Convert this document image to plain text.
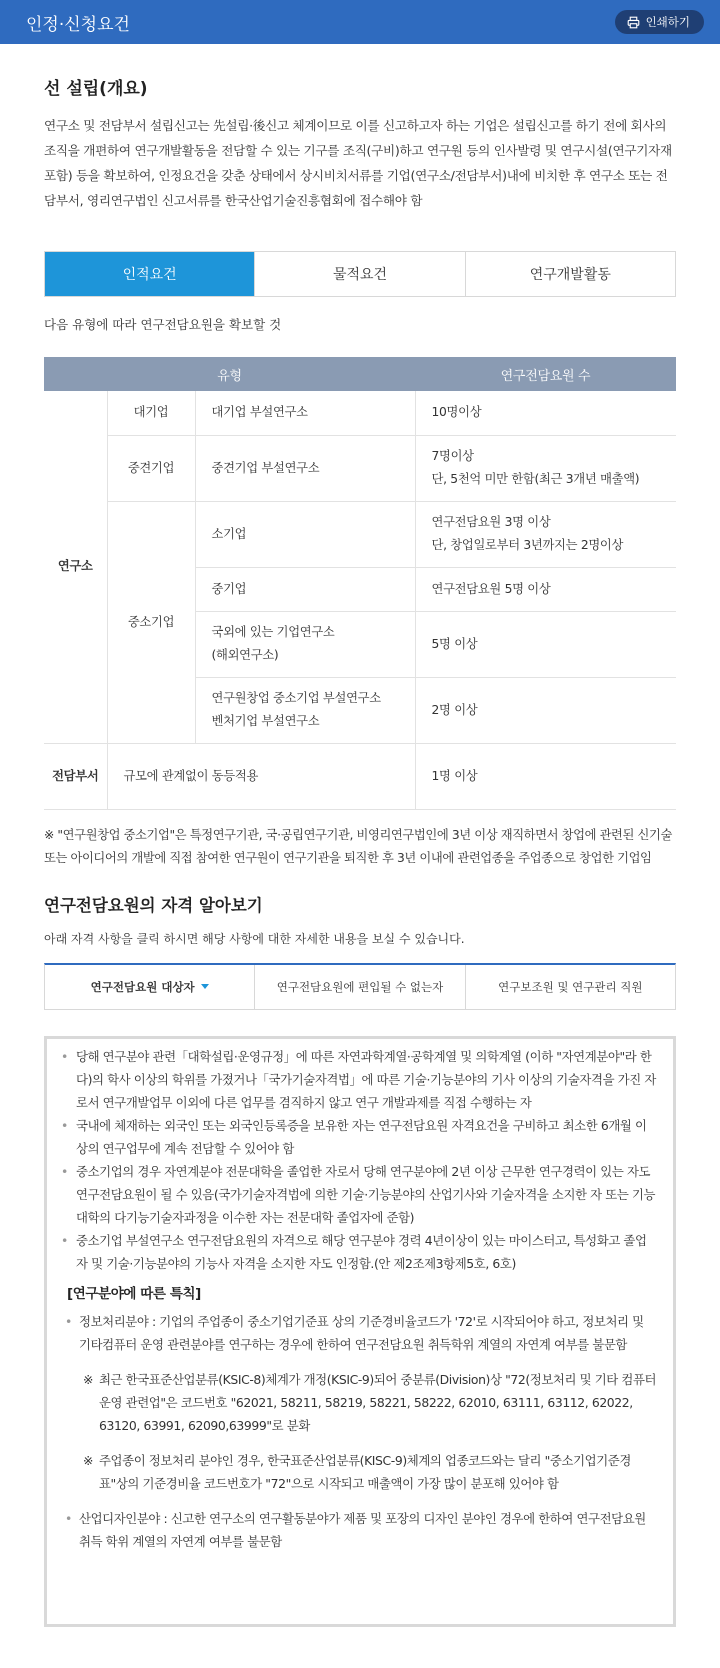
인정·신청요건	인쇄하기
선 설립(개요)

연구소 및 전담부서 설립신고는 先설립·後신고 체계이므로 이를 신고하고자 하는 기업은 설립신고를 하기 전에 회사의 조직을 개편하여 연구개발활동을 전담할 수 있는 기구를 조직(구비)하고 연구원 등의 인사발령 및 연구시설(연구기자재 포함) 등을 확보하여, 인정요건을 갖춘 상태에서 상시비치서류를 기업(연구소/전담부서)내에 비치한 후 연구소 또는 전담부서, 영리연구법인 신고서류를 한국산업기술진흥협회에 접수해야 함

인적요건	물적요건	연구개발활동

다음 유형에 따라 연구전담요원을 확보할 것

유형			연구전담요원 수
연구소	대기업	대기업 부설연구소	10명이상
	중견기업	중견기업 부설연구소	7명이상
단, 5천억 미만 한함(최근 3개년 매출액)

	중소기업	소기업	연구전담요원 3명 이상
단, 창업일로부터 3년까지는 2명이상

		중기업	연구전담요원 5명 이상

		국외에 있는 기업연구소
(해외연구소)	5명 이상

		연구원창업 중소기업 부설연구소
벤처기업 부설연구소	2명 이상
전담부서	규모에 관계없이 동등적용		1명 이상

※ "연구원창업 중소기업"은 특정연구기관, 국·공립연구기관, 비영리연구법인에 3년 이상 재직하면서 창업에 관련된 신기술 또는 아이디어의 개발에 직접 참여한 연구원이 연구기관을 퇴직한 후 3년 이내에 관련업종을 주업종으로 창업한 기업임

연구전담요원의 자격 알아보기

아래 자격 사항을 클릭 하시면 해당 사항에 대한 자세한 내용을 보실 수 있습니다.

연구전담요원 대상자	연구전담요원에 편입될 수 없는자	연구보조원 및 연구관리 직원
• 당해 연구분야 관련「대학설립·운영규정」에 따른 자연과학계열·공학계열 및 의학계열 (이하 "자연계분야"라 한다)의 학사 이상의 학위를 가졌거나「국가기술자격법」에 따른 기술·기능분야의 기사 이상의 기술자격을 가진 자로서 연구개발업무 이외에 다른 업무를 겸직하지 않고 연구 개발과제를 직접 수행하는 자
• 국내에 체재하는 외국인 또는 외국인등록증을 보유한 자는 연구전담요원 자격요건을 구비하고 최소한 6개월 이상의 연구업무에 계속 전담할 수 있어야 함
• 중소기업의 경우 자연계분야 전문대학을 졸업한 자로서 당해 연구분야에 2년 이상 근무한 연구경력이 있는 자도 연구전담요원이 될 수 있음(국가기술자격법에 의한 기술·기능분야의 산업기사와 기술자격을 소지한 자 또는 기능대학의 다기능기술자과정을 이수한 자는 전문대학 졸업자에 준함)
• 중소기업 부설연구소 연구전담요원의 자격으로 해당 연구분야 경력 4년이상이 있는 마이스터고, 특성화고 졸업자 및 기술·기능분야의 기능사 자격을 소지한 자도 인정함.(안 제2조제3항제5호, 6호)
[연구분야에 따른 특칙]
• 정보처리분야 : 기업의 주업종이 중소기업기준표 상의 기준경비율코드가 '72'로 시작되어야 하고, 정보처리 및 기타컴퓨터 운영 관련분야를 연구하는 경우에 한하여 연구전담요원 취득학위 계열의 자연계 여부를 불문함
※ 최근 한국표준산업분류(KSIC-8)체계가 개정(KSIC-9)되어 중분류(Division)상 "72(정보처리 및 기타 컴퓨터운영 관련업"은 코드번호 "62021, 58211, 58219, 58221, 58222, 62010, 63111, 63112, 62022, 63120, 63991, 62090,63999"로 분화
※ 주업종이 정보처리 분야인 경우, 한국표준산업분류(KISC-9)체계의 업종코드와는 달리 "중소기업기준경표"상의 기준경비율 코드번호가 "72"으로 시작되고 매출액이 가장 많이 분포해 있어야 함
• 산업디자인분야 : 신고한 연구소의 연구활동분야가 제품 및 포장의 디자인 분야인 경우에 한하여 연구전담요원 취득 학위 계열의 자연계 여부를 불문함
